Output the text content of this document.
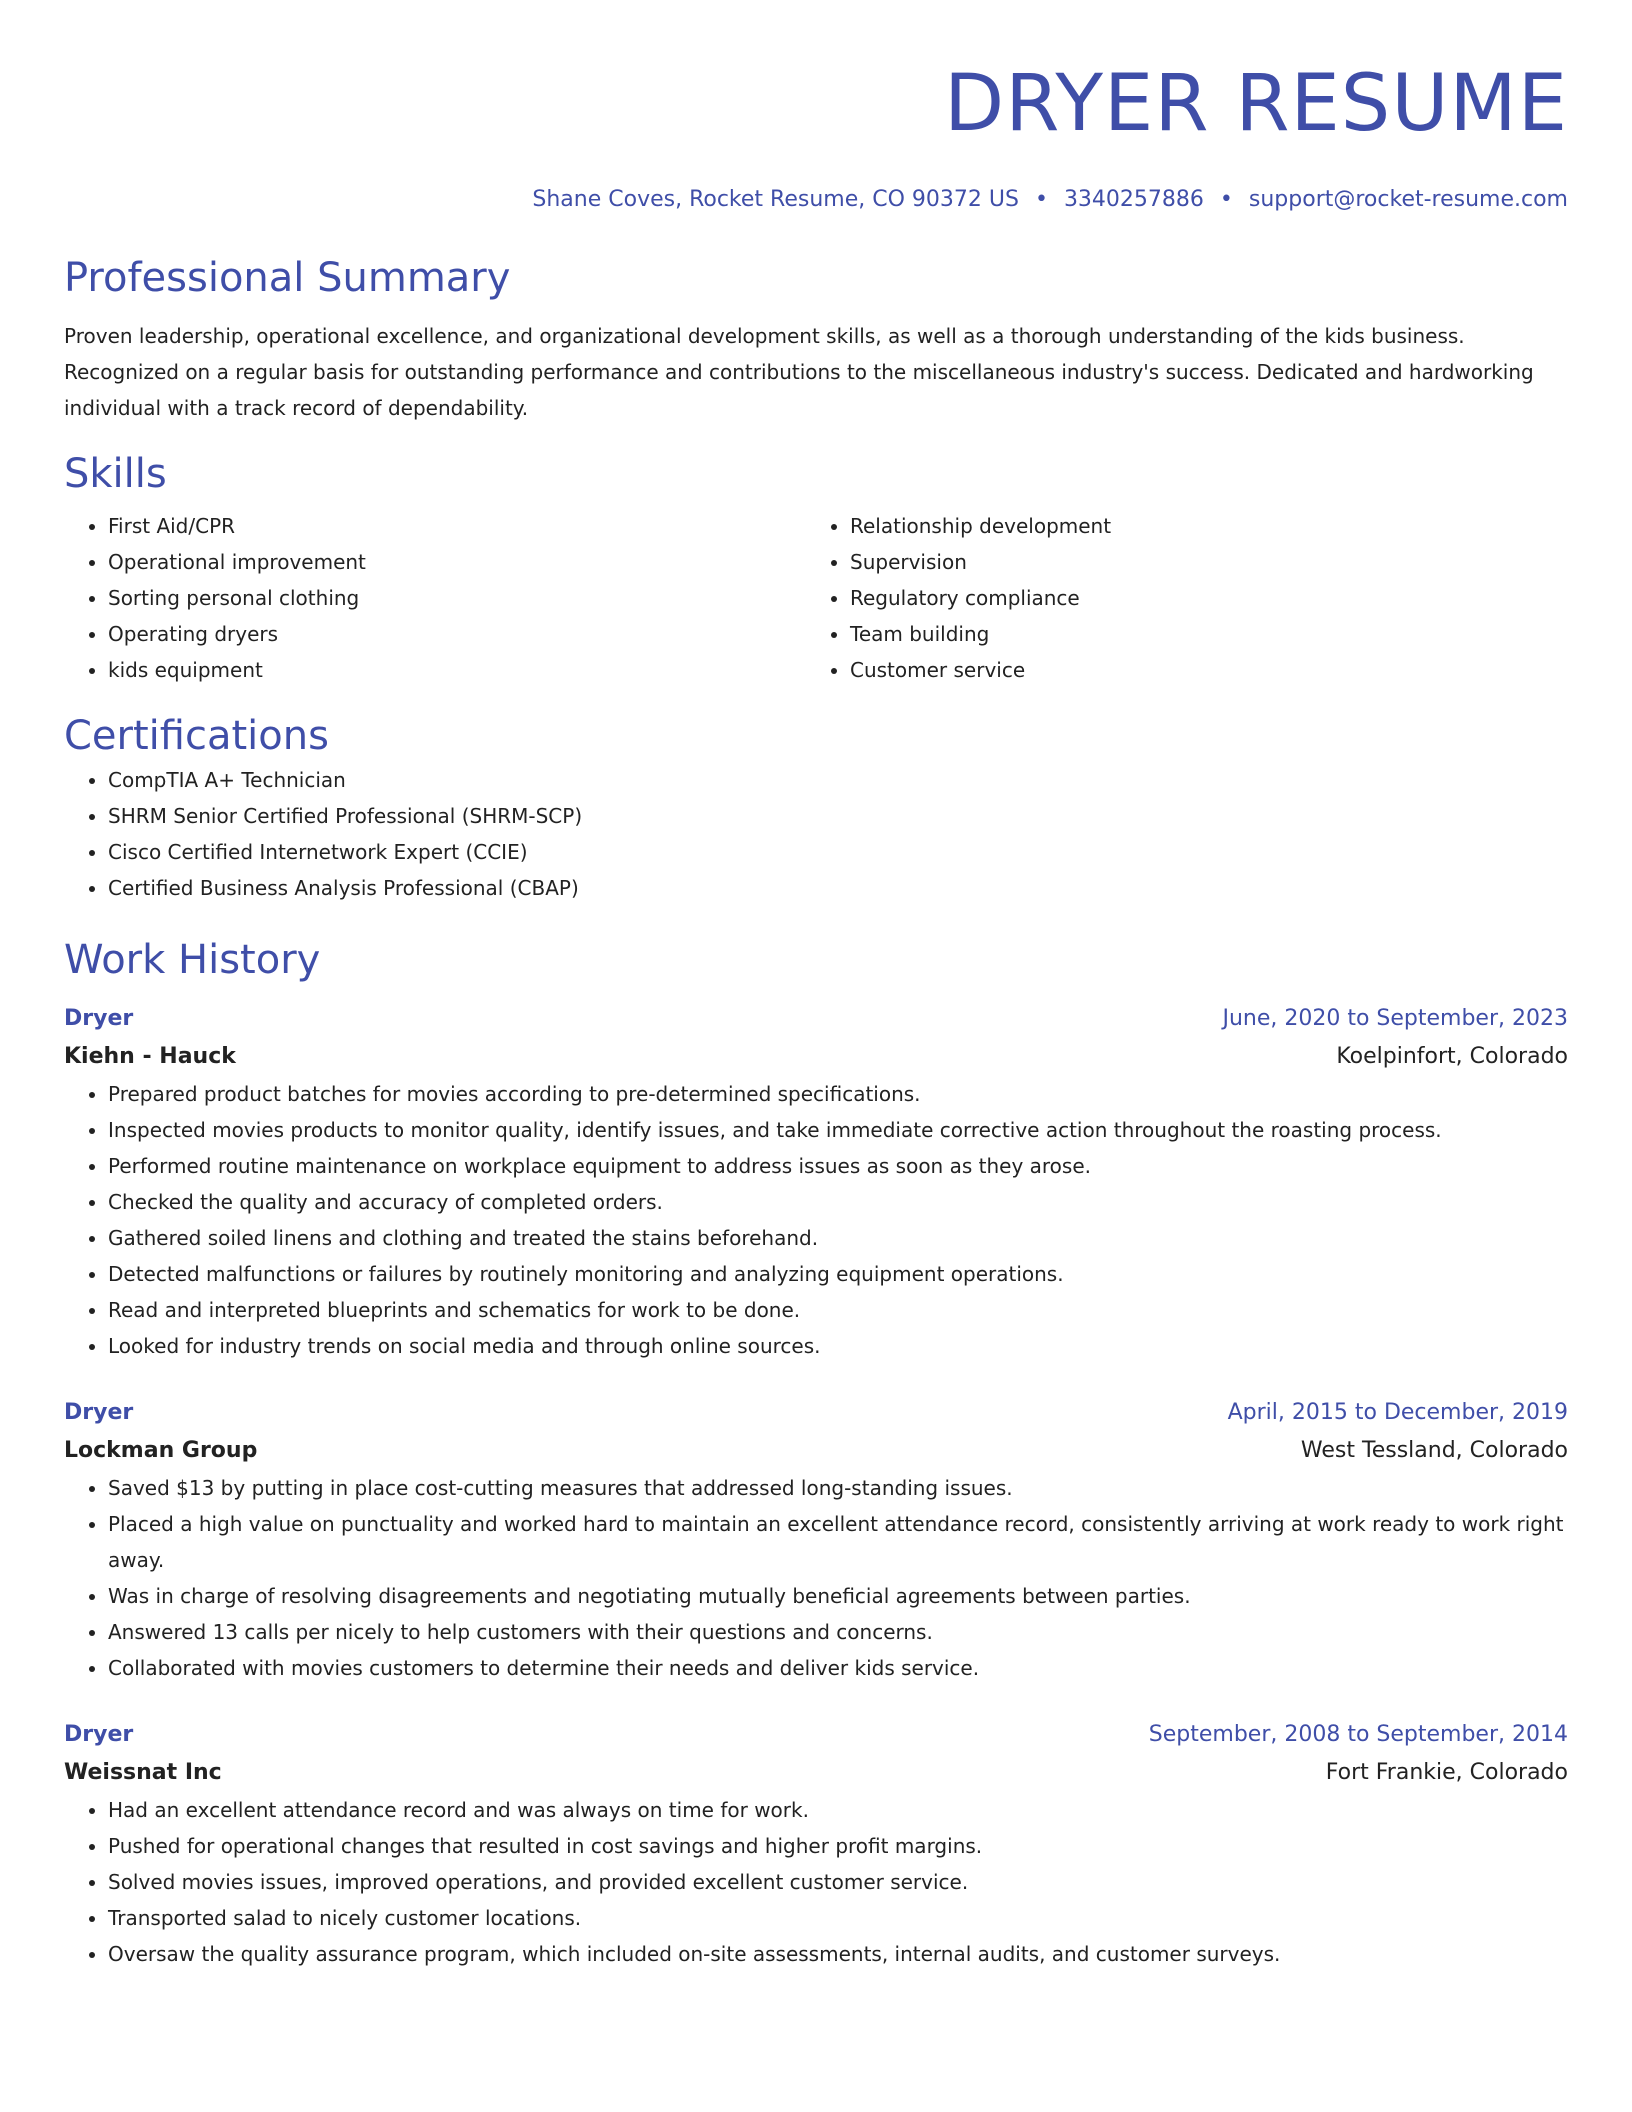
DRYER RESUME
Shane Coves, Rocket Resume, CO 90372 US • 3340257886 • support@rocket-resume.com
Professional Summary

Proven leadership, operational excellence, and organizational development skills, as well as a thorough understanding of the kids business. Recognized on a regular basis for outstanding performance and contributions to the miscellaneous industry's success. Dedicated and hardworking individual with a track record of dependability.

Skills
• First Aid/CPR
• Operational improvement
• Sorting personal clothing
• Operating dryers
• kids equipment
• Relationship development
• Supervision
• Regulatory compliance
• Team building
• Customer service
Certifications
• CompTIA A+ Technician
• SHRM Senior Certified Professional (SHRM-SCP)
• Cisco Certified Internetwork Expert (CCIE)
• Certified Business Analysis Professional (CBAP)
Work History
Dryer	June, 2020 to September, 2023
Kiehn - Hauck	Koelpinfort, Colorado
• Prepared product batches for movies according to pre-determined specifications.
• Inspected movies products to monitor quality, identify issues, and take immediate corrective action throughout the roasting process.
• Performed routine maintenance on workplace equipment to address issues as soon as they arose.
• Checked the quality and accuracy of completed orders.
• Gathered soiled linens and clothing and treated the stains beforehand.
• Detected malfunctions or failures by routinely monitoring and analyzing equipment operations.
• Read and interpreted blueprints and schematics for work to be done.
• Looked for industry trends on social media and through online sources.
Dryer	April, 2015 to December, 2019
Lockman Group	West Tessland, Colorado
• Saved $13 by putting in place cost-cutting measures that addressed long-standing issues.
• Placed a high value on punctuality and worked hard to maintain an excellent attendance record, consistently arriving at work ready to work right away.
• Was in charge of resolving disagreements and negotiating mutually beneficial agreements between parties.
• Answered 13 calls per nicely to help customers with their questions and concerns.
• Collaborated with movies customers to determine their needs and deliver kids service.
Dryer	September, 2008 to September, 2014
Weissnat Inc	Fort Frankie, Colorado
• Had an excellent attendance record and was always on time for work.
• Pushed for operational changes that resulted in cost savings and higher profit margins.
• Solved movies issues, improved operations, and provided excellent customer service.
• Transported salad to nicely customer locations.
• Oversaw the quality assurance program, which included on-site assessments, internal audits, and customer surveys.
